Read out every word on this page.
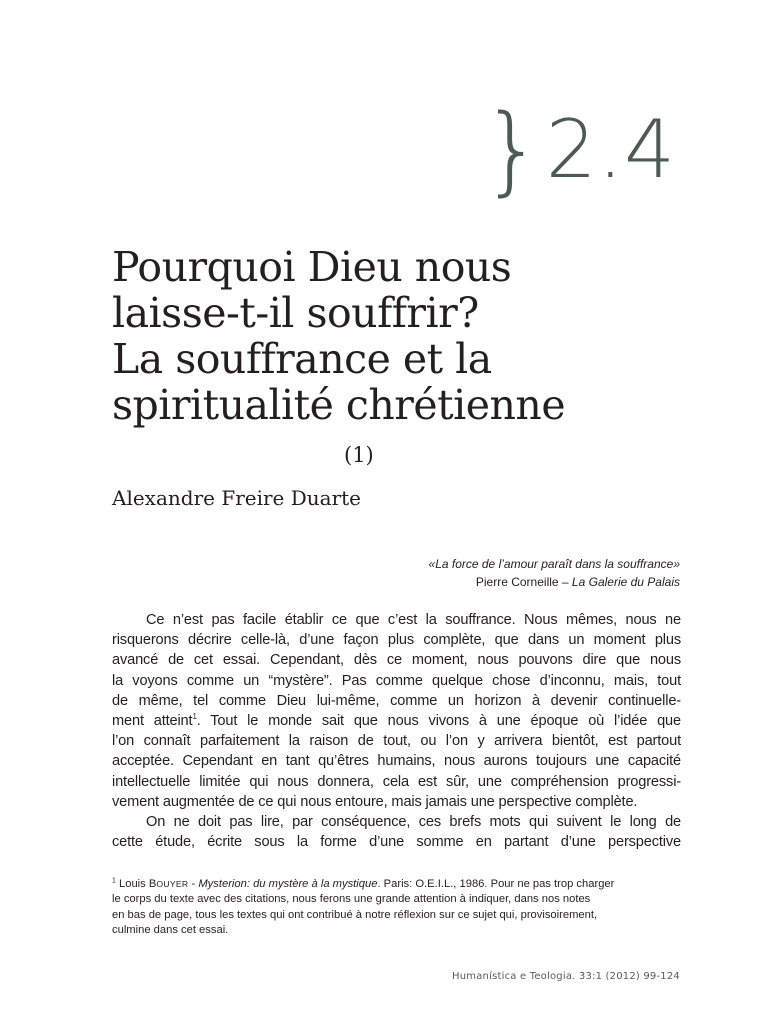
}2.4
Pourquoi Dieu nous
laisse-t-il souffrir?
La souffrance et la
spiritualité chrétienne
(1)
Alexandre Freire Duarte
«La force de l’amour paraît dans la souffrance»
Pierre Corneille – La Galerie du Palais
Ce n’est pas facile établir ce que c’est la souffrance. Nous mêmes, nous ne
risquerons décrire celle-là, d’une façon plus complète, que dans un moment plus
avancé de cet essai. Cependant, dès ce moment, nous pouvons dire que nous
la voyons comme un “mystère”. Pas comme quelque chose d’inconnu, mais, tout
de même, tel comme Dieu lui-même, comme un horizon à devenir continuelle-
ment atteint$^1$. Tout le monde sait que nous vivons à une époque où l’idée que
l’on connaît parfaitement la raison de tout, ou l’on y arrivera bientôt, est partout
acceptée. Cependant en tant qu’êtres humains, nous aurons toujours une capacité
intellectuelle limitée qui nous donnera, cela est sûr, une compréhension progressi-
vement augmentée de ce qui nous entoure, mais jamais une perspective complète.
On ne doit pas lire, par conséquence, ces brefs mots qui suivent le long de
cette étude, écrite sous la forme d’une somme en partant d’une perspective
$^1$ Louis BOUYER - Mysterion: du mystère à la mystique. Paris: O.E.I.L., 1986. Pour ne pas trop charger
le corps du texte avec des citations, nous ferons une grande attention à indiquer, dans nos notes
en bas de page, tous les textes qui ont contribué à notre réflexion sur ce sujet qui, provisoirement,
culmine dans cet essai.
Humanística e Teologia. 33:1 (2012) 99-124
